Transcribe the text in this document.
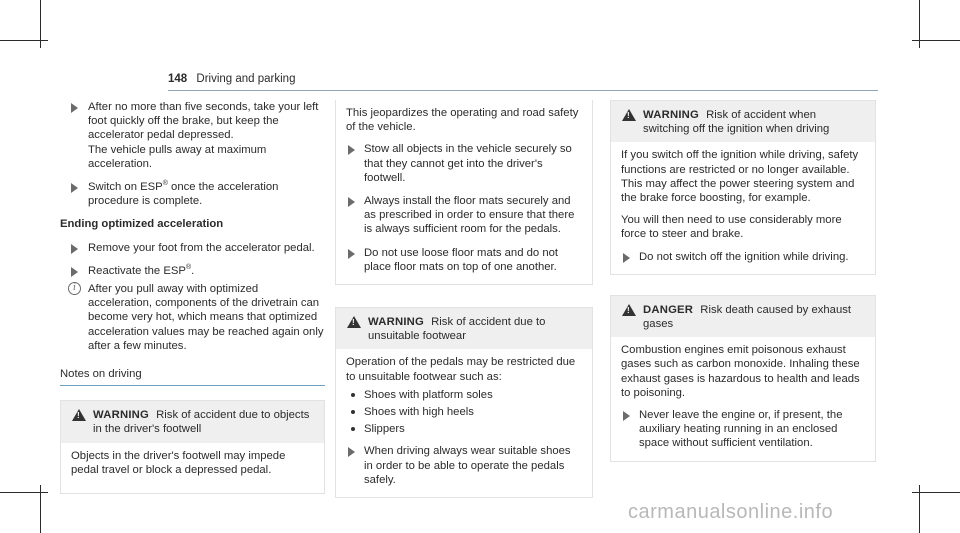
148 Driving and parking
After no more than five seconds, take your left foot quickly off the brake, but keep the accelerator pedal depressed.
The vehicle pulls away at maximum acceleration.
Switch on ESP® once the acceleration procedure is complete.
Ending optimized acceleration
Remove your foot from the accelerator pedal.
Reactivate the ESP®.
i	After you pull away with optimized acceleration, components of the drivetrain can become very hot, which means that optimized acceleration values may be reached again only after a few minutes.
Notes on driving
!
WARNING Risk of accident due to objects in the driver's footwell

Objects in the driver's footwell may impede pedal travel or block a depressed pedal.

This jeopardizes the operating and road safety of the vehicle.

Stow all objects in the vehicle securely so that they cannot get into the driver's footwell.
Always install the floor mats securely and as prescribed in order to ensure that there is always sufficient room for the pedals.
Do not use loose floor mats and do not place floor mats on top of one another.
!
WARNING Risk of accident due to unsuitable footwear

Operation of the pedals may be restricted due to unsuitable footwear such as:

Shoes with platform soles
Shoes with high heels
Slippers
When driving always wear suitable shoes in order to be able to operate the pedals safely.
!
WARNING Risk of accident when switching off the ignition when driving

If you switch off the ignition while driving, safety functions are restricted or no longer available. This may affect the power steering system and the brake force boosting, for example.

You will then need to use considerably more force to steer and brake.

Do not switch off the ignition while driving.
!
DANGER Risk death caused by exhaust gases

Combustion engines emit poisonous exhaust gases such as carbon monoxide. Inhaling these exhaust gases is hazardous to health and leads to poisoning.

Never leave the engine or, if present, the auxiliary heating running in an enclosed space without sufficient ventilation.
carmanualsonline.info
